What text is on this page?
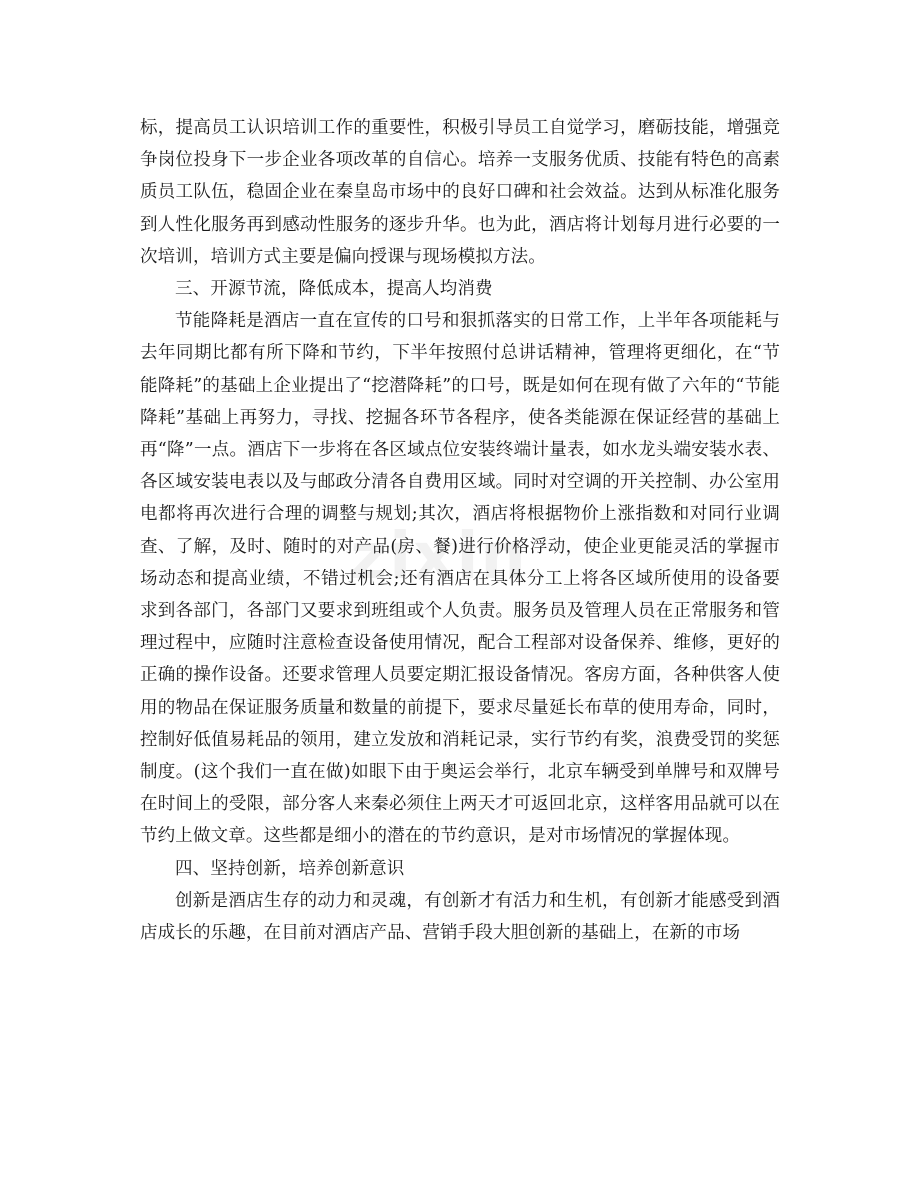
zixin

标，提高员工认识培训工作的重要性，积极引导员工自觉学习，磨砺技能，增强竞争岗位投身下一步企业各项改革的自信心。培养一支服务优质、技能有特色的高素质员工队伍，稳固企业在秦皇岛市场中的良好口碑和社会效益。达到从标准化服务到人性化服务再到感动性服务的逐步升华。也为此，酒店将计划每月进行必要的一次培训，培训方式主要是偏向授课与现场模拟方法。

三、开源节流，降低成本，提高人均消费

节能降耗是酒店一直在宣传的口号和狠抓落实的日常工作，上半年各项能耗与去年同期比都有所下降和节约，下半年按照付总讲话精神，管理将更细化，在“节能降耗”的基础上企业提出了“挖潜降耗”的口号，既是如何在现有做了六年的“节能降耗”基础上再努力，寻找、挖掘各环节各程序，使各类能源在保证经营的基础上再“降”一点。酒店下一步将在各区域点位安装终端计量表，如水龙头端安装水表、各区域安装电表以及与邮政分清各自费用区域。同时对空调的开关控制、办公室用电都将再次进行合理的调整与规划;其次，酒店将根据物价上涨指数和对同行业调查、了解，及时、随时的对产品(房、餐)进行价格浮动，使企业更能灵活的掌握市场动态和提高业绩，不错过机会;还有酒店在具体分工上将各区域所使用的设备要求到各部门，各部门又要求到班组或个人负责。服务员及管理人员在正常服务和管理过程中，应随时注意检查设备使用情况，配合工程部对设备保养、维修，更好的正确的操作设备。还要求管理人员要定期汇报设备情况。客房方面，各种供客人使用的物品在保证服务质量和数量的前提下，要求尽量延长布草的使用寿命，同时，控制好低值易耗品的领用，建立发放和消耗记录，实行节约有奖，浪费受罚的奖惩制度。(这个我们一直在做)如眼下由于奥运会举行，北京车辆受到单牌号和双牌号在时间上的受限，部分客人来秦必须住上两天才可返回北京，这样客用品就可以在节约上做文章。这些都是细小的潜在的节约意识，是对市场情况的掌握体现。

四、坚持创新，培养创新意识

创新是酒店生存的动力和灵魂，有创新才有活力和生机，有创新才能感受到酒店成长的乐趣，在目前对酒店产品、营销手段大胆创新的基础上，在新的市场
